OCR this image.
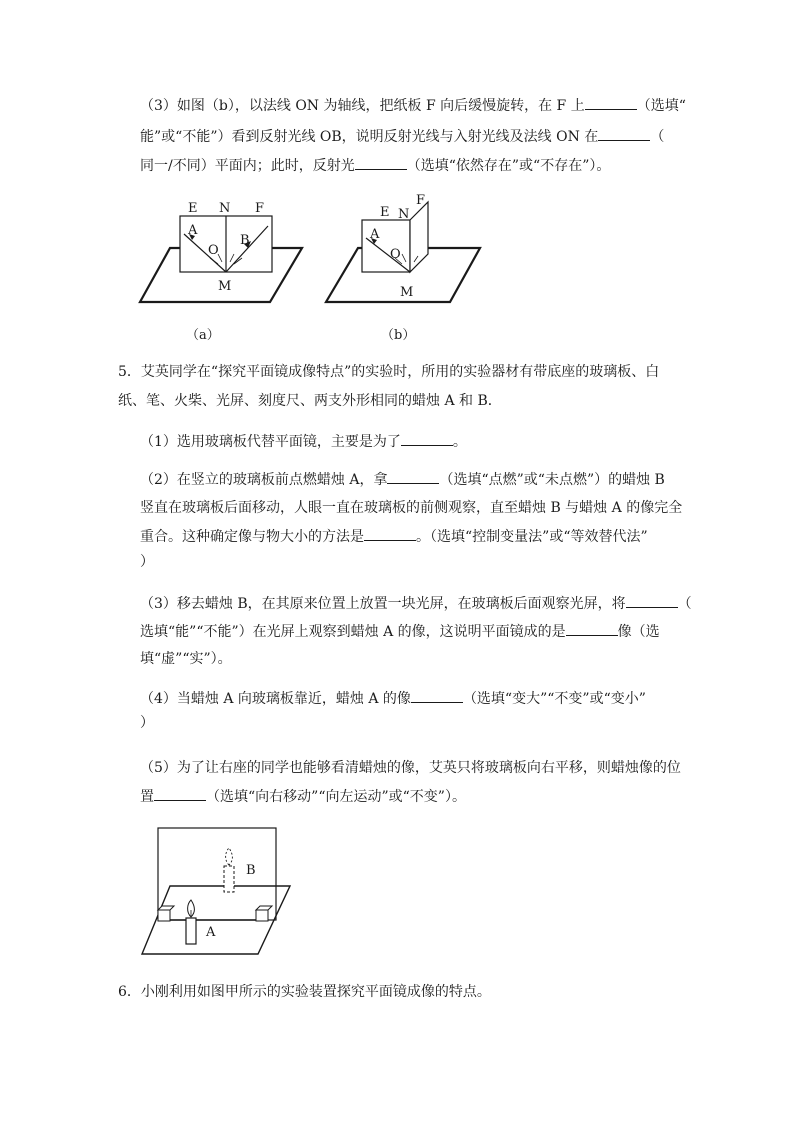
（3）如图（b），以法线 ON 为轴线，把纸板 F 向后缓慢旋转，在 F 上	（选填“
能”或“不能”）看到反射光线 OB，说明反射光线与入射光线及法线 ON 在	（
同一/不同）平面内；此时，反射光	（选填“依然存在”或“不存在”）。
E N F
A
B
O
M
（a）
E N
F
A
O
M
（b）
5．艾英同学在“探究平面镜成像特点”的实验时，所用的实验器材有带底座的玻璃板、白
纸、笔、火柴、光屏、刻度尺、两支外形相同的蜡烛 A 和 B．
（1）选用玻璃板代替平面镜，主要是为了	。
（2）在竖立的玻璃板前点燃蜡烛 A，拿	（选填“点燃”或“未点燃”）的蜡烛 B
竖直在玻璃板后面移动，人眼一直在玻璃板的前侧观察，直至蜡烛 B 与蜡烛 A 的像完全
重合。这种确定像与物大小的方法是	。（选填“控制变量法”或“等效替代法”
）
（3）移去蜡烛 B，在其原来位置上放置一块光屏，在玻璃板后面观察光屏，将	（
选填“能”“不能”）在光屏上观察到蜡烛 A 的像，这说明平面镜成的是	像（选
填“虚”“实”）。
（4）当蜡烛 A 向玻璃板靠近，蜡烛 A 的像	（选填“变大”“不变”或“变小”
）
（5）为了让右座的同学也能够看清蜡烛的像，艾英只将玻璃板向右平移，则蜡烛像的位
置	（选填“向右移动”“向左运动”或“不变”）。
B
A
6．小刚利用如图甲所示的实验装置探究平面镜成像的特点。
